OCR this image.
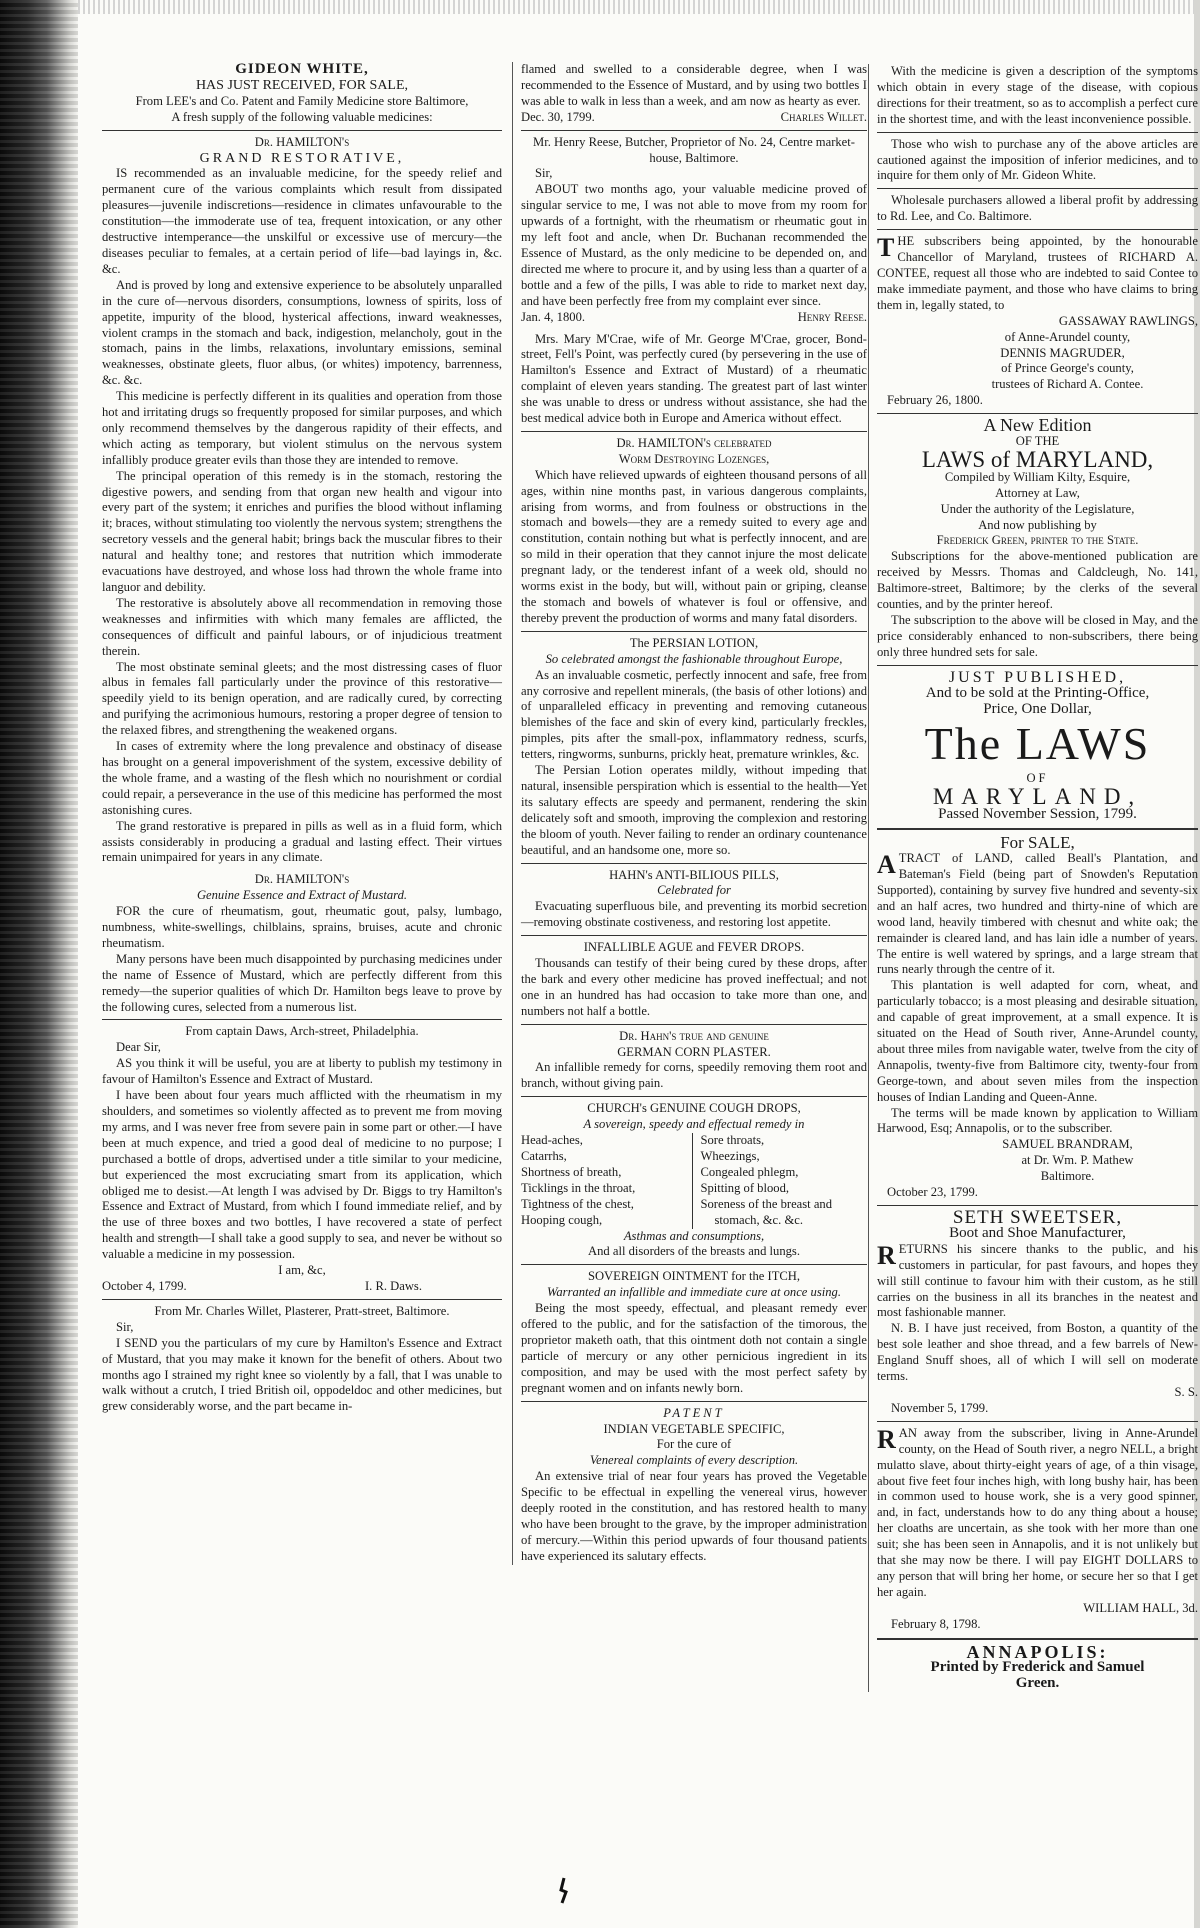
GIDEON WHITE,

HAS JUST RECEIVED, FOR SALE,

From LEE's and Co. Patent and Family Medicine store Baltimore,

A fresh supply of the following valuable medicines:

Dr. HAMILTON's

GRAND RESTORATIVE,

IS recommended as an invaluable medicine, for the speedy relief and permanent cure of the various complaints which result from dissipated pleasures—juvenile indiscretions—residence in climates unfavourable to the constitution—the immoderate use of tea, frequent intoxication, or any other destructive intemperance—the unskilful or excessive use of mercury—the diseases peculiar to females, at a certain period of life—bad layings in, &c. &c.

And is proved by long and extensive experience to be absolutely unparalled in the cure of—nervous disorders, consumptions, lowness of spirits, loss of appetite, impurity of the blood, hysterical affections, inward weaknesses, violent cramps in the stomach and back, indigestion, melancholy, gout in the stomach, pains in the limbs, relaxations, involuntary emissions, seminal weaknesses, obstinate gleets, fluor albus, (or whites) impotency, barrenness, &c. &c.

This medicine is perfectly different in its qualities and operation from those hot and irritating drugs so frequently proposed for similar purposes, and which only recommend themselves by the dangerous rapidity of their effects, and which acting as temporary, but violent stimulus on the nervous system infallibly produce greater evils than those they are intended to remove.

The principal operation of this remedy is in the stomach, restoring the digestive powers, and sending from that organ new health and vigour into every part of the system; it enriches and purifies the blood without inflaming it; braces, without stimulating too violently the nervous system; strengthens the secretory vessels and the general habit; brings back the muscular fibres to their natural and healthy tone; and restores that nutrition which immoderate evacuations have destroyed, and whose loss had thrown the whole frame into languor and debility.

The restorative is absolutely above all recommendation in removing those weaknesses and infirmities with which many females are afflicted, the consequences of difficult and painful labours, or of injudicious treatment therein.

The most obstinate seminal gleets; and the most distressing cases of fluor albus in females fall particularly under the province of this restorative—speedily yield to its benign operation, and are radically cured, by correcting and purifying the acrimonious humours, restoring a proper degree of tension to the relaxed fibres, and strengthening the weakened organs.

In cases of extremity where the long prevalence and obstinacy of disease has brought on a general impoverishment of the system, excessive debility of the whole frame, and a wasting of the flesh which no nourishment or cordial could repair, a perseverance in the use of this medicine has performed the most astonishing cures.

The grand restorative is prepared in pills as well as in a fluid form, which assists considerably in producing a gradual and lasting effect. Their virtues remain unimpaired for years in any climate.

Dr. HAMILTON's

Genuine Essence and Extract of Mustard.

FOR the cure of rheumatism, gout, rheumatic gout, palsy, lumbago, numbness, white-swellings, chilblains, sprains, bruises, acute and chronic rheumatism.

Many persons have been much disappointed by purchasing medicines under the name of Essence of Mustard, which are perfectly different from this remedy—the superior qualities of which Dr. Hamilton begs leave to prove by the following cures, selected from a numerous list.

From captain Daws, Arch-street, Philadelphia.

Dear Sir,

AS you think it will be useful, you are at liberty to publish my testimony in favour of Hamilton's Essence and Extract of Mustard.

I have been about four years much afflicted with the rheumatism in my shoulders, and sometimes so violently affected as to prevent me from moving my arms, and I was never free from severe pain in some part or other.—I have been at much expence, and tried a good deal of medicine to no purpose; I purchased a bottle of drops, advertised under a title similar to your medicine, but experienced the most excruciating smart from its application, which obliged me to desist.—At length I was advised by Dr. Biggs to try Hamilton's Essence and Extract of Mustard, from which I found immediate relief, and by the use of three boxes and two bottles, I have recovered a state of perfect health and strength—I shall take a good supply to sea, and never be without so valuable a medicine in my possession.

I am, &c,

October 4, 1799.	I. R. Daws.

From Mr. Charles Willet, Plasterer, Pratt-street, Baltimore.

Sir,

I SEND you the particulars of my cure by Hamilton's Essence and Extract of Mustard, that you may make it known for the benefit of others. About two months ago I strained my right knee so violently by a fall, that I was unable to walk without a crutch, I tried British oil, oppodeldoc and other medicines, but grew considerably worse, and the part became in-

flamed and swelled to a considerable degree, when I was recommended to the Essence of Mustard, and by using two bottles I was able to walk in less than a week, and am now as hearty as ever.

Dec. 30, 1799.	Charles Willet.

Mr. Henry Reese, Butcher, Proprietor of No. 24, Centre market-house, Baltimore.

Sir,

ABOUT two months ago, your valuable medicine proved of singular service to me, I was not able to move from my room for upwards of a fortnight, with the rheumatism or rheumatic gout in my left foot and ancle, when Dr. Buchanan recommended the Essence of Mustard, as the only medicine to be depended on, and directed me where to procure it, and by using less than a quarter of a bottle and a few of the pills, I was able to ride to market next day, and have been perfectly free from my complaint ever since.

Jan. 4, 1800.	Henry Reese.

Mrs. Mary M'Crae, wife of Mr. George M'Crae, grocer, Bond-street, Fell's Point, was perfectly cured (by persevering in the use of Hamilton's Essence and Extract of Mustard) of a rheumatic complaint of eleven years standing. The greatest part of last winter she was unable to dress or undress without assistance, she had the best medical advice both in Europe and America without effect.

Dr. HAMILTON's celebrated

Worm Destroying Lozenges,

Which have relieved upwards of eighteen thousand persons of all ages, within nine months past, in various dangerous complaints, arising from worms, and from foulness or obstructions in the stomach and bowels—they are a remedy suited to every age and constitution, contain nothing but what is perfectly innocent, and are so mild in their operation that they cannot injure the most delicate pregnant lady, or the tenderest infant of a week old, should no worms exist in the body, but will, without pain or griping, cleanse the stomach and bowels of whatever is foul or offensive, and thereby prevent the production of worms and many fatal disorders.

The PERSIAN LOTION,

So celebrated amongst the fashionable throughout Europe,

As an invaluable cosmetic, perfectly innocent and safe, free from any corrosive and repellent minerals, (the basis of other lotions) and of unparalleled efficacy in preventing and removing cutaneous blemishes of the face and skin of every kind, particularly freckles, pimples, pits after the small-pox, inflammatory redness, scurfs, tetters, ringworms, sunburns, prickly heat, premature wrinkles, &c.

The Persian Lotion operates mildly, without impeding that natural, insensible perspiration which is essential to the health—Yet its salutary effects are speedy and permanent, rendering the skin delicately soft and smooth, improving the complexion and restoring the bloom of youth. Never failing to render an ordinary countenance beautiful, and an handsome one, more so.

HAHN's ANTI-BILIOUS PILLS,

Celebrated for

Evacuating superfluous bile, and preventing its morbid secretion—removing obstinate costiveness, and restoring lost appetite.

INFALLIBLE AGUE and FEVER DROPS.

Thousands can testify of their being cured by these drops, after the bark and every other medicine has proved ineffectual; and not one in an hundred has had occasion to take more than one, and numbers not half a bottle.

Dr. Hahn's true and genuine

GERMAN CORN PLASTER.

An infallible remedy for corns, speedily removing them root and branch, without giving pain.

CHURCH's GENUINE COUGH DROPS,

A sovereign, speedy and effectual remedy in

Head-aches,
Catarrhs,
Shortness of breath,
Ticklings in the throat,
Tightness of the chest,
Hooping cough,
Sore throats,
Wheezings,
Congealed phlegm,
Spitting of blood,
Soreness of the breast and
stomach, &c. &c.

Asthmas and consumptions,

And all disorders of the breasts and lungs.

SOVEREIGN OINTMENT for the ITCH,

Warranted an infallible and immediate cure at once using.

Being the most speedy, effectual, and pleasant remedy ever offered to the public, and for the satisfaction of the timorous, the proprietor maketh oath, that this ointment doth not contain a single particle of mercury or any other pernicious ingredient in its composition, and may be used with the most perfect safety by pregnant women and on infants newly born.

PATENT

INDIAN VEGETABLE SPECIFIC,

For the cure of

Venereal complaints of every description.

An extensive trial of near four years has proved the Vegetable Specific to be effectual in expelling the venereal virus, however deeply rooted in the constitution, and has restored health to many who have been brought to the grave, by the improper administration of mercury.—Within this period upwards of four thousand patients have experienced its salutary effects.

With the medicine is given a description of the symptoms which obtain in every stage of the disease, with copious directions for their treatment, so as to accomplish a perfect cure in the shortest time, and with the least inconvenience possible.

Those who wish to purchase any of the above articles are cautioned against the imposition of inferior medicines, and to inquire for them only of Mr. Gideon White.

Wholesale purchasers allowed a liberal profit by addressing to Rd. Lee, and Co. Baltimore.

THE subscribers being appointed, by the honourable Chancellor of Maryland, trustees of RICHARD A. CONTEE, request all those who are indebted to said Contee to make immediate payment, and those who have claims to bring them in, legally stated, to

GASSAWAY RAWLINGS,

of Anne-Arundel county,

DENNIS MAGRUDER,

of Prince George's county,

trustees of Richard A. Contee.

February 26, 1800.

A New Edition

OF THE

LAWS of MARYLAND,

Compiled by William Kilty, Esquire,

Attorney at Law,

Under the authority of the Legislature,

And now publishing by

Frederick Green, printer to the State.

Subscriptions for the above-mentioned publication are received by Messrs. Thomas and Caldcleugh, No. 141, Baltimore-street, Baltimore; by the clerks of the several counties, and by the printer hereof.

The subscription to the above will be closed in May, and the price considerably enhanced to non-subscribers, there being only three hundred sets for sale.

JUST PUBLISHED,

And to be sold at the Printing-Office,

Price, One Dollar,

The LAWS

OF

MARYLAND,

Passed November Session, 1799.

For SALE,

ATRACT of LAND, called Beall's Plantation, and Bateman's Field (being part of Snowden's Reputation Supported), containing by survey five hundred and seventy-six and an half acres, two hundred and thirty-nine of which are wood land, heavily timbered with chesnut and white oak; the remainder is cleared land, and has lain idle a number of years. The entire is well watered by springs, and a large stream that runs nearly through the centre of it.

This plantation is well adapted for corn, wheat, and particularly tobacco; is a most pleasing and desirable situation, and capable of great improvement, at a small expence. It is situated on the Head of South river, Anne-Arundel county, about three miles from navigable water, twelve from the city of Annapolis, twenty-five from Baltimore city, twenty-four from George-town, and about seven miles from the inspection houses of Indian Landing and Queen-Anne.

The terms will be made known by application to William Harwood, Esq; Annapolis, or to the subscriber.

SAMUEL BRANDRAM,

at Dr. Wm. P. Mathew

Baltimore.

October 23, 1799.

SETH SWEETSER,

Boot and Shoe Manufacturer,

RETURNS his sincere thanks to the public, and his customers in particular, for past favours, and hopes they will still continue to favour him with their custom, as he still carries on the business in all its branches in the neatest and most fashionable manner.

N. B. I have just received, from Boston, a quantity of the best sole leather and shoe thread, and a few barrels of New-England Snuff shoes, all of which I will sell on moderate terms.

S. S.

November 5, 1799.

RAN away from the subscriber, living in Anne-Arundel county, on the Head of South river, a negro NELL, a bright mulatto slave, about thirty-eight years of age, of a thin visage, about five feet four inches high, with long bushy hair, has been in common used to house work, she is a very good spinner, and, in fact, understands how to do any thing about a house; her cloaths are uncertain, as she took with her more than one suit; she has been seen in Annapolis, and it is not unlikely but that she may now be there. I will pay EIGHT DOLLARS to any person that will bring her home, or secure her so that I get her again.

WILLIAM HALL, 3d.

February 8, 1798.

ANNAPOLIS:

Printed by Frederick and Samuel

Green.
